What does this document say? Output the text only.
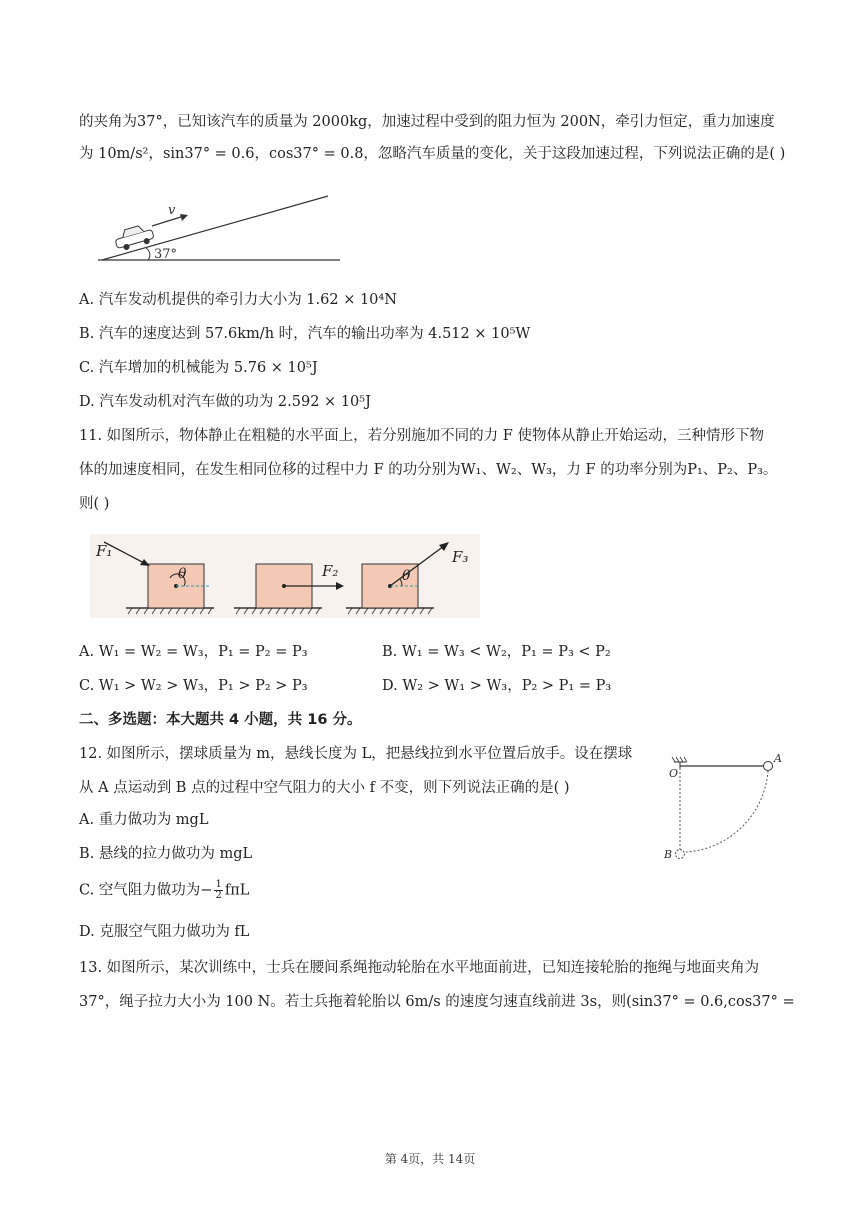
的夹角为37°，已知该汽车的质量为 2000kg，加速过程中受到的阻力恒为 200N，牵引力恒定，重力加速度
为 10m/s²，sin37° = 0.6，cos37° = 0.8，忽略汽车质量的变化，关于这段加速过程，下列说法正确的是( )
v
37°
A. 汽车发动机提供的牵引力大小为 1.62 × 10⁴N
B. 汽车的速度达到 57.6km/h 时，汽车的输出功率为 4.512 × 10⁵W
C. 汽车增加的机械能为 5.76 × 10⁵J
D. 汽车发动机对汽车做的功为 2.592 × 10⁵J
11. 如图所示，物体静止在粗糙的水平面上，若分别施加不同的力 F 使物体从静止开始运动，三种情形下物
体的加速度相同，在发生相同位移的过程中力 F 的功分别为W₁、W₂、W₃，力 F 的功率分别为P₁、P₂、P₃。
则( )
F₁
θ	F₂	θ
F₃
A. W₁ = W₂ = W₃，P₁ = P₂ = P₃	B. W₁ = W₃ < W₂，P₁ = P₃ < P₂
C. W₁ > W₂ > W₃，P₁ > P₂ > P₃	D. W₂ > W₁ > W₃，P₂ > P₁ = P₃
二、多选题：本大题共 4 小题，共 16 分。
12. 如图所示，摆球质量为 m，悬线长度为 L，把悬线拉到水平位置后放手。设在摆球
从 A 点运动到 B 点的过程中空气阻力的大小 f 不变，则下列说法正确的是( )
O
A
B
A. 重力做功为 mgL
B. 悬线的拉力做功为 mgL
C. 空气阻力做功为− $\frac{1}{2}$ fπL
D. 克服空气阻力做功为 fL
13. 如图所示，某次训练中，士兵在腰间系绳拖动轮胎在水平地面前进，已知连接轮胎的拖绳与地面夹角为
37°，绳子拉力大小为 100 N。若士兵拖着轮胎以 6m/s 的速度匀速直线前进 3s，则(sin37° = 0.6,cos37° =
第 4页，共 14页
